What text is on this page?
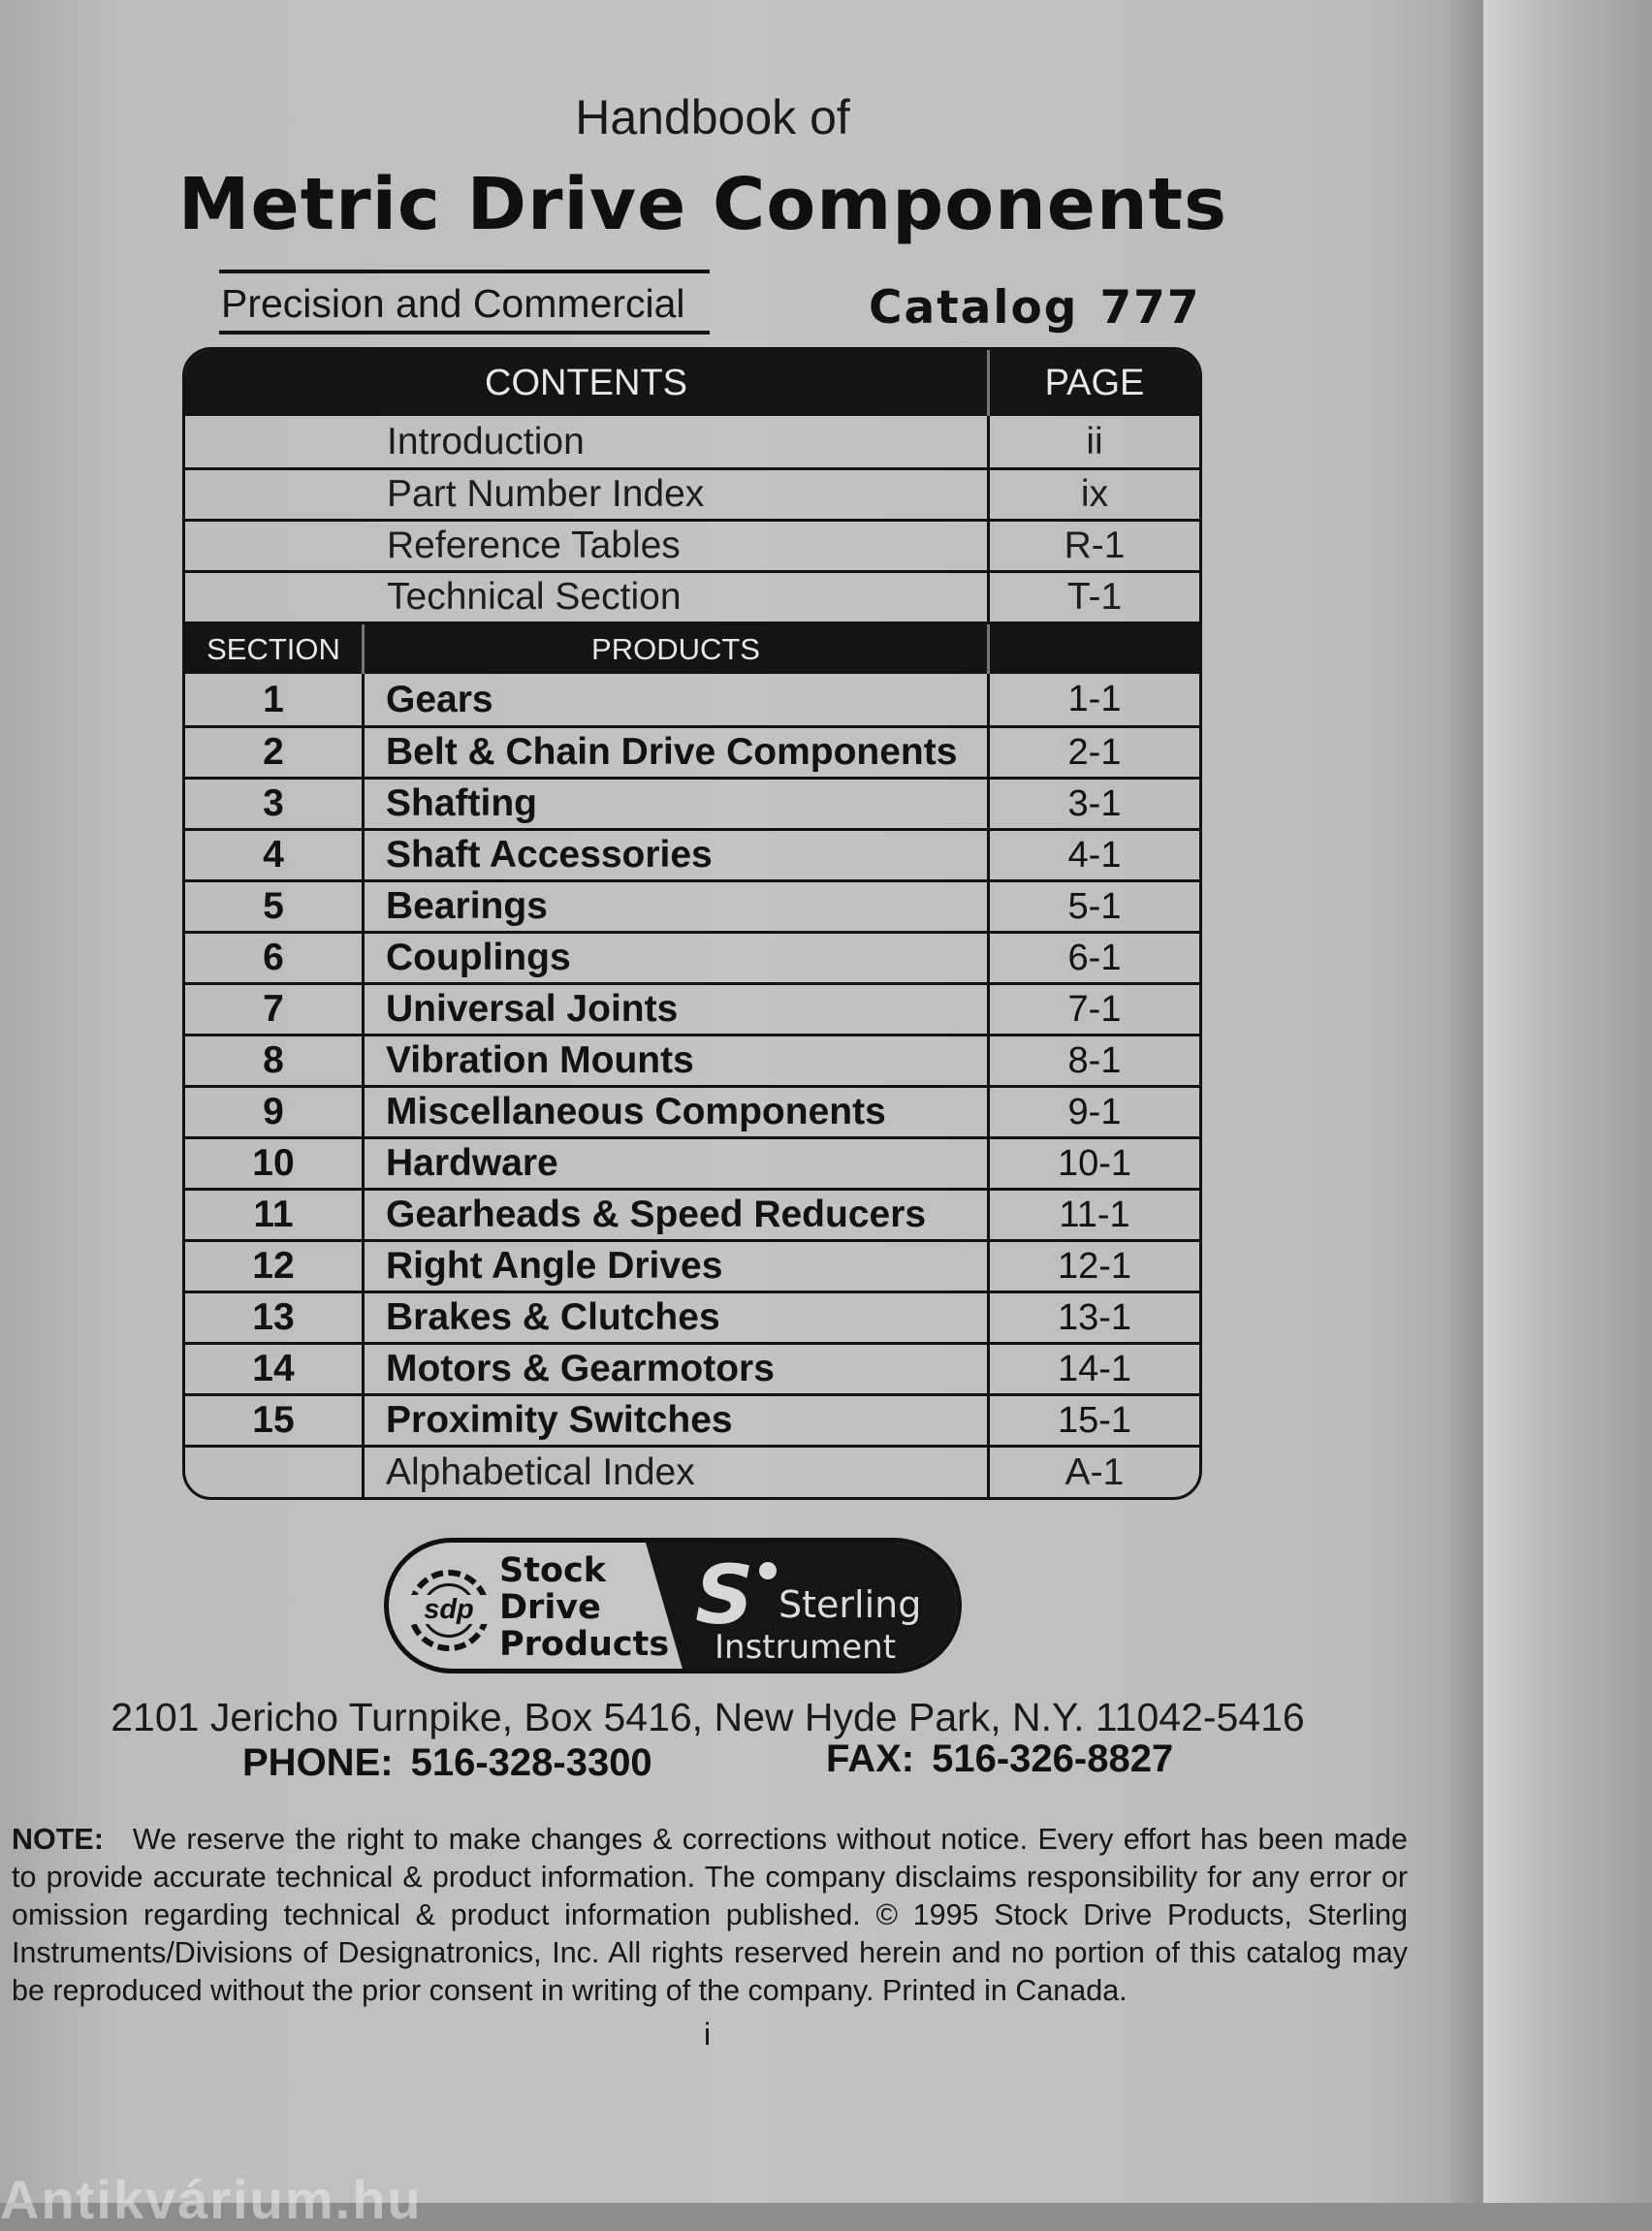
Handbook of
Metric Drive Components
Precision and Commercial	Catalog 777
CONTENTS	PAGE
Introduction	ii
Part Number Index	ix
Reference Tables	R-1
Technical Section	T-1
SECTION	PRODUCTS
1	Gears	1-1
2	Belt & Chain Drive Components	2-1
3	Shafting	3-1
4	Shaft Accessories	4-1
5	Bearings	5-1
6	Couplings	6-1
7	Universal Joints	7-1
8	Vibration Mounts	8-1
9	Miscellaneous Components	9-1
10	Hardware	10-1
11	Gearheads & Speed Reducers	11-1
12	Right Angle Drives	12-1
13	Brakes & Clutches	13-1
14	Motors & Gearmotors	14-1
15	Proximity Switches	15-1
Alphabetical Index	A-1
sdp
Stock
Drive
Products
S Sterling
Instrument
2101 Jericho Turnpike, Box 5416, New Hyde Park, N.Y. 11042-5416
PHONE: 516-328-3300	FAX: 516-326-8827
NOTE: We reserve the right to make changes & corrections without notice. Every effort has been made to provide accurate technical & product information. The company disclaims responsibility for any error or omission regarding technical & product information published. © 1995 Stock Drive Products, Sterling Instruments/Divisions of Designatronics, Inc. All rights reserved herein and no portion of this catalog may be reproduced without the prior consent in writing of the company. Printed in Canada.
i
Antikvárium.hu
